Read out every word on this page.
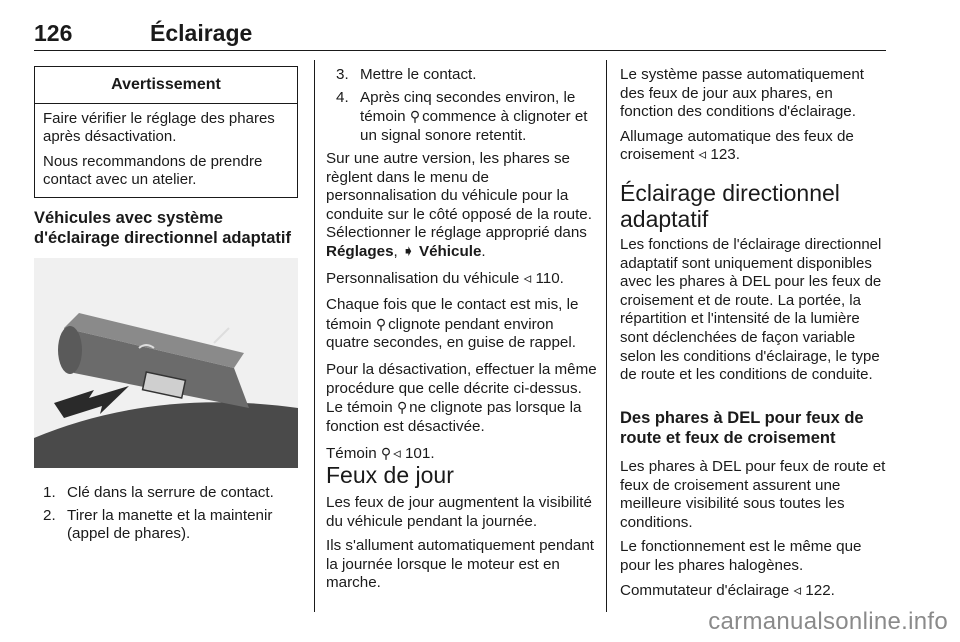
126	Éclairage
Avertissement

Faire vérifier le réglage des phares après désactivation.

Nous recommandons de prendre contact avec un atelier.

Véhicules avec système d'éclairage directionnel adaptatif
1. Clé dans la serrure de contact.
2. Tirer la manette et la maintenir (appel de phares).
3. Mettre le contact.
4. Après cinq secondes environ, le témoin ⚲ commence à clignoter et un signal sonore retentit.

Sur une autre version, les phares se règlent dans le menu de personnalisation du véhicule pour la conduite sur le côté opposé de la route. Sélectionner le réglage approprié dans Réglages, ➧ Véhicule.

Personnalisation du véhicule ◃ 110.

Chaque fois que le contact est mis, le témoin ⚲ clignote pendant environ quatre secondes, en guise de rappel.

Pour la désactivation, effectuer la même procédure que celle décrite ci-dessus. Le témoin ⚲ ne clignote pas lorsque la fonction est désactivée.

Témoin ⚲ ◃ 101.

Feux de jour

Les feux de jour augmentent la visibilité du véhicule pendant la journée.

Ils s'allument automatiquement pendant la journée lorsque le moteur est en marche.

Le système passe automatiquement des feux de jour aux phares, en fonction des conditions d'éclairage.

Allumage automatique des feux de croisement ◃ 123.

Éclairage directionnel adaptatif
Les fonctions de l'éclairage directionnel adaptatif sont uniquement disponibles avec les phares à DEL pour les feux de croisement et de route. La portée, la répartition et l'intensité de la lumière sont déclenchées de façon variable selon les conditions d'éclairage, le type de route et les conditions de conduite.
Des phares à DEL pour feux de route et feux de croisement

Les phares à DEL pour feux de route et feux de croisement assurent une meilleure visibilité sous toutes les conditions.

Le fonctionnement est le même que pour les phares halogènes.

Commutateur d'éclairage ◃ 122.

carmanualsonline.info
